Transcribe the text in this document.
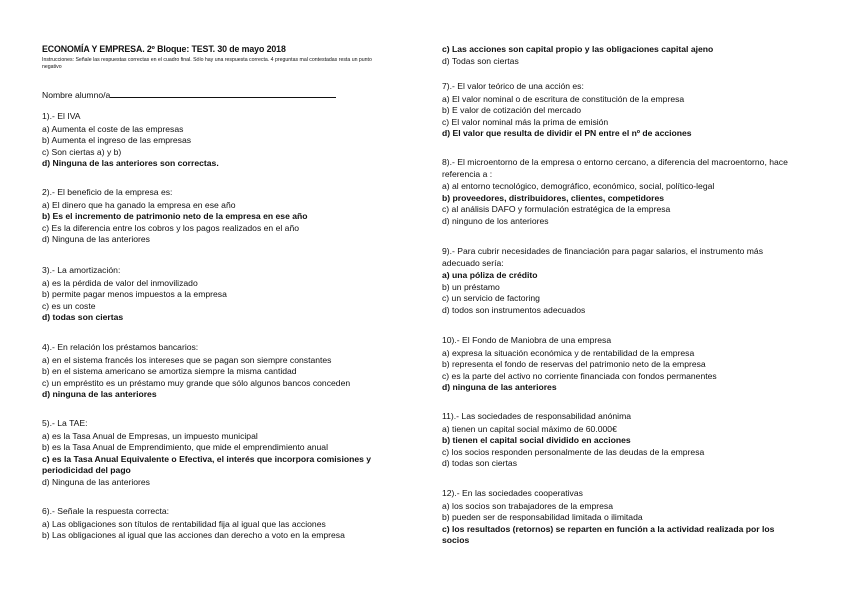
ECONOMÍA Y EMPRESA. 2º Bloque: TEST. 30 de mayo 2018
Instrucciones: Señale las respuestas correctas en el cuadro final. Sólo hay una respuesta correcta. 4 preguntas mal contestadas resta un punto negativo
Nombre alumno/a
1).- El IVA
a) Aumenta el coste de las empresas
b) Aumenta el ingreso de las empresas
c) Son ciertas a) y b)
d) Ninguna de las anteriores son correctas.
2).- El beneficio de la empresa es:
a) El dinero que ha ganado la empresa en ese año
b) Es el incremento de patrimonio neto de la empresa en ese año
c) Es la diferencia entre los cobros y los pagos realizados en el año
d) Ninguna de las anteriores
3).- La amortización:
a) es la pérdida de valor del inmovilizado
b) permite pagar menos impuestos a la empresa
c) es un coste
d) todas son ciertas
4).- En relación los préstamos bancarios:
a) en el sistema francés los intereses que se pagan son siempre constantes
b) en el sistema americano se amortiza siempre la misma cantidad
c) un empréstito es un préstamo muy grande que sólo algunos bancos conceden
d) ninguna de las anteriores
5).- La TAE:
a) es la Tasa Anual de Empresas, un impuesto municipal
b) es la Tasa Anual de Emprendimiento, que mide el emprendimiento anual
c) es la Tasa Anual Equivalente o Efectiva, el interés que incorpora comisiones y periodicidad del pago
d) Ninguna de las anteriores
6).- Señale la respuesta correcta:
a) Las obligaciones son títulos de rentabilidad fija al igual que las acciones
b) Las obligaciones al igual que las acciones dan derecho a voto en la empresa
c) Las acciones son capital propio y las obligaciones capital ajeno
d) Todas son ciertas
7).- El valor teórico de una acción es:
a) El valor nominal o de escritura de constitución de la empresa
b) E valor de cotización del mercado
c) El valor nominal más la prima de emisión
d) El valor que resulta de dividir el PN entre el nº de acciones
8).- El microentorno de la empresa o entorno cercano, a diferencia del macroentorno, hace referencia a :
a) al entorno tecnológico, demográfico, económico, social, político-legal
b) proveedores, distribuidores, clientes, competidores
c) al análisis DAFO y formulación estratégica de la empresa
d) ninguno de los anteriores
9).- Para cubrir necesidades de financiación para pagar salarios, el instrumento más adecuado sería:
a) una póliza de crédito
b) un préstamo
c) un servicio de factoring
d) todos son instrumentos adecuados
10).- El Fondo de Maniobra de una empresa
a) expresa la situación económica y de rentabilidad de la empresa
b) representa el fondo de reservas del patrimonio neto de la empresa
c) es la parte del activo no corriente financiada con fondos permanentes
d) ninguna de las anteriores
11).- Las sociedades de responsabilidad anónima
a) tienen un capital social máximo de 60.000€
b) tienen el capital social dividido en acciones
c) los socios responden personalmente de las deudas de la empresa
d) todas son ciertas
12).- En las sociedades cooperativas
a) los socios son trabajadores de la empresa
b) pueden ser de responsabilidad limitada o ilimitada
c) los resultados (retornos) se reparten en función a la actividad realizada por los socios
